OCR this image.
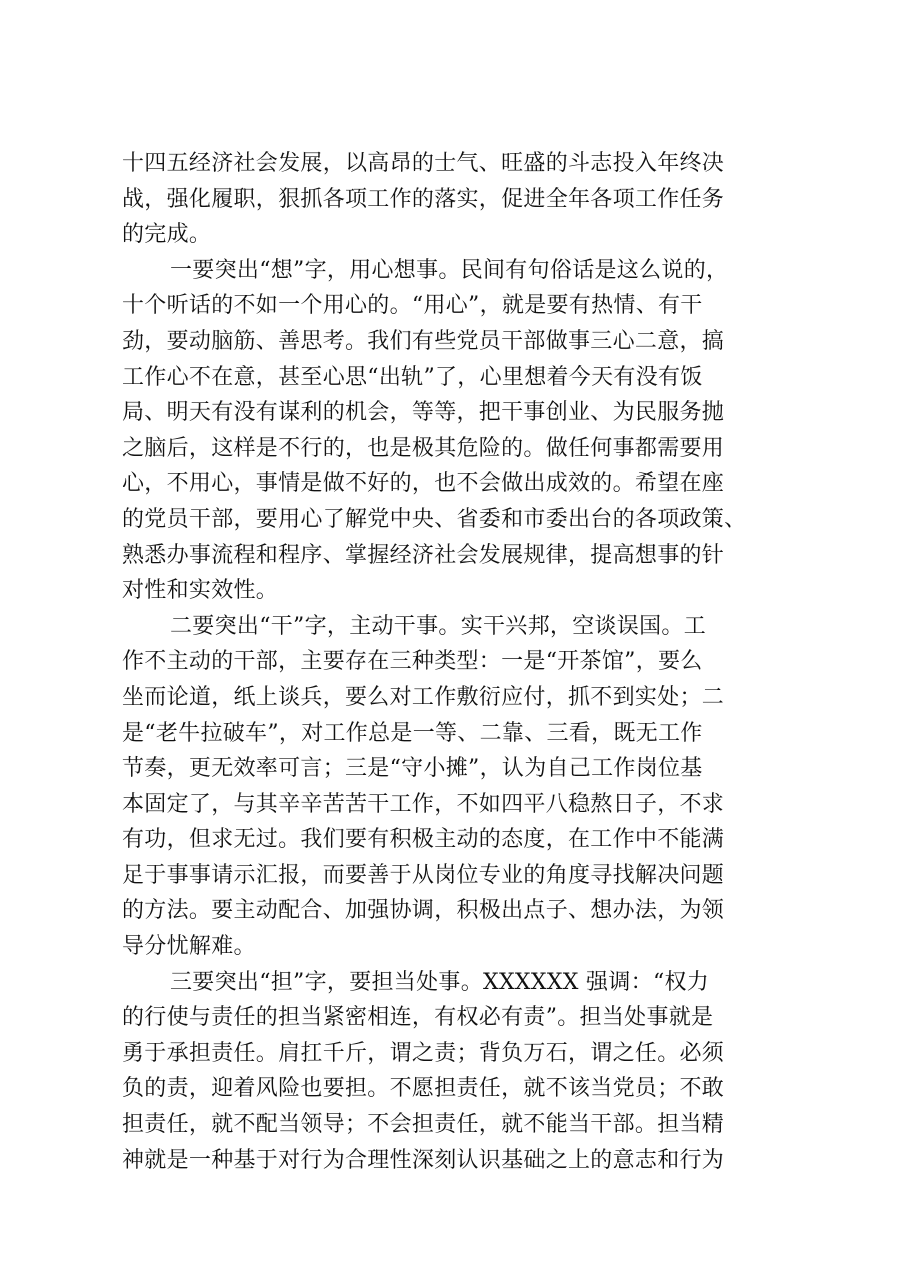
十四五经济社会发展，以高昂的士气、旺盛的斗志投入年终决
战，强化履职，狠抓各项工作的落实，促进全年各项工作任务
的完成。
一要突出“想”字，用心想事。民间有句俗话是这么说的，
十个听话的不如一个用心的。“用心”，就是要有热情、有干
劲，要动脑筋、善思考。我们有些党员干部做事三心二意，搞
工作心不在意，甚至心思“出轨”了，心里想着今天有没有饭
局、明天有没有谋利的机会，等等，把干事创业、为民服务抛
之脑后，这样是不行的，也是极其危险的。做任何事都需要用
心，不用心，事情是做不好的，也不会做出成效的。希望在座
的党员干部，要用心了解党中央、省委和市委出台的各项政策、
熟悉办事流程和程序、掌握经济社会发展规律，提高想事的针
对性和实效性。
二要突出“干”字，主动干事。实干兴邦，空谈误国。工
作不主动的干部，主要存在三种类型：一是“开茶馆”，要么
坐而论道，纸上谈兵，要么对工作敷衍应付，抓不到实处；二
是“老牛拉破车”，对工作总是一等、二靠、三看，既无工作
节奏，更无效率可言；三是“守小摊”，认为自己工作岗位基
本固定了，与其辛辛苦苦干工作，不如四平八稳熬日子，不求
有功，但求无过。我们要有积极主动的态度，在工作中不能满
足于事事请示汇报，而要善于从岗位专业的角度寻找解决问题
的方法。要主动配合、加强协调，积极出点子、想办法，为领
导分忧解难。
三要突出“担”字，要担当处事。XXXXXX 强调：“权力
的行使与责任的担当紧密相连，有权必有责”。担当处事就是
勇于承担责任。肩扛千斤，谓之责；背负万石，谓之任。必须
负的责，迎着风险也要担。不愿担责任，就不该当党员；不敢
担责任，就不配当领导；不会担责任，就不能当干部。担当精
神就是一种基于对行为合理性深刻认识基础之上的意志和行为
